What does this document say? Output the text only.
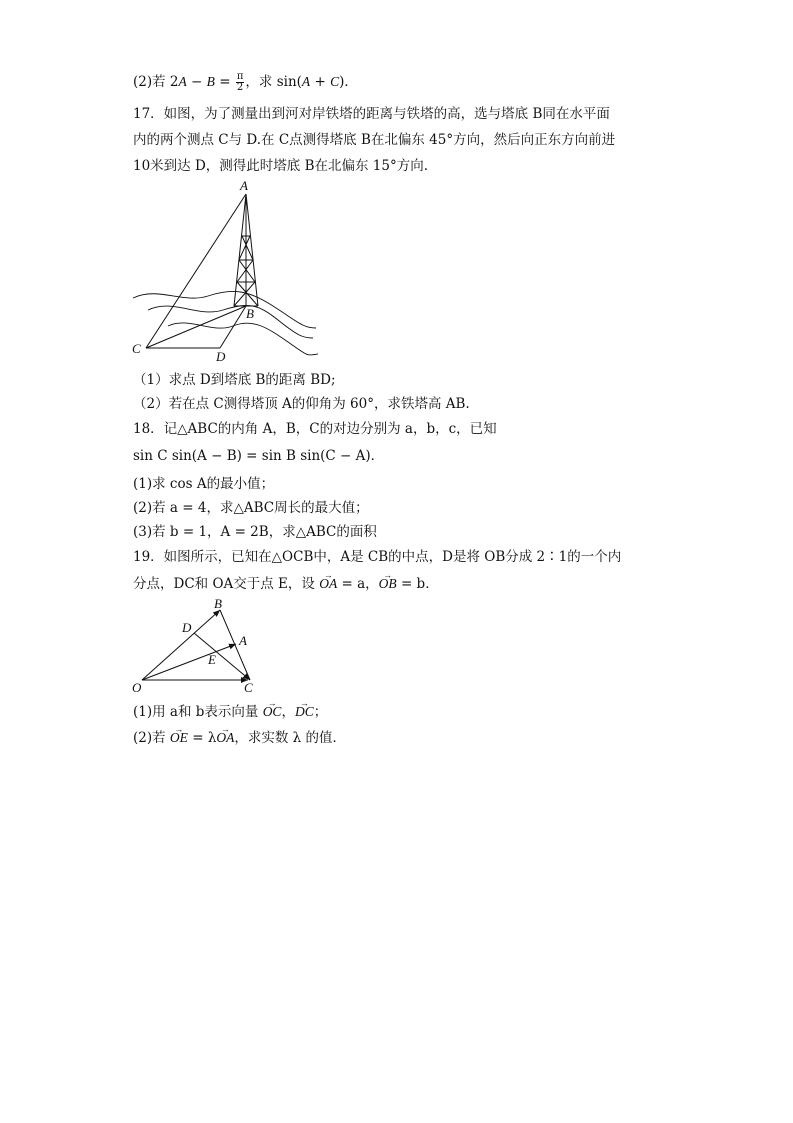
(2)若 $2A - B = \frac{\pi}{2}$ ，求 sin(A + C)．
17．如图，为了测量出到河对岸铁塔的距离与铁塔的高，选与塔底 B同在水平面
内的两个测点 C与 D.在 C点测得塔底 B在北偏东 45°方向，然后向正东方向前进
10米到达 D，测得此时塔底 B在北偏东 15°方向.
A
B
C
D
（1）求点 D到塔底 B的距离 BD;
（2）若在点 C测得塔顶 A的仰角为 60°，求铁塔高 AB.
18．记△ABC的内角 A，B，C的对边分别为 a，b，c，已知
sin C sin(A − B) = sin B sin(C − A)．
(1)求 cos A的最小值；
(2)若 a = 4，求△ABC周长的最大值；
(3)若 b = 1，A = 2B，求△ABC的面积
19．如图所示，已知在△OCB中，A是 CB的中点，D是将 OB分成 2∶1的一个内
分点，DC和 OA交于点 E，设 → OA = a，→ OB = b．
B
D
A
E
O	C
(1)用 a和 b表示向量 → OC，→ DC；
(2)若 → OE = λ→ OA，求实数 λ 的值．
